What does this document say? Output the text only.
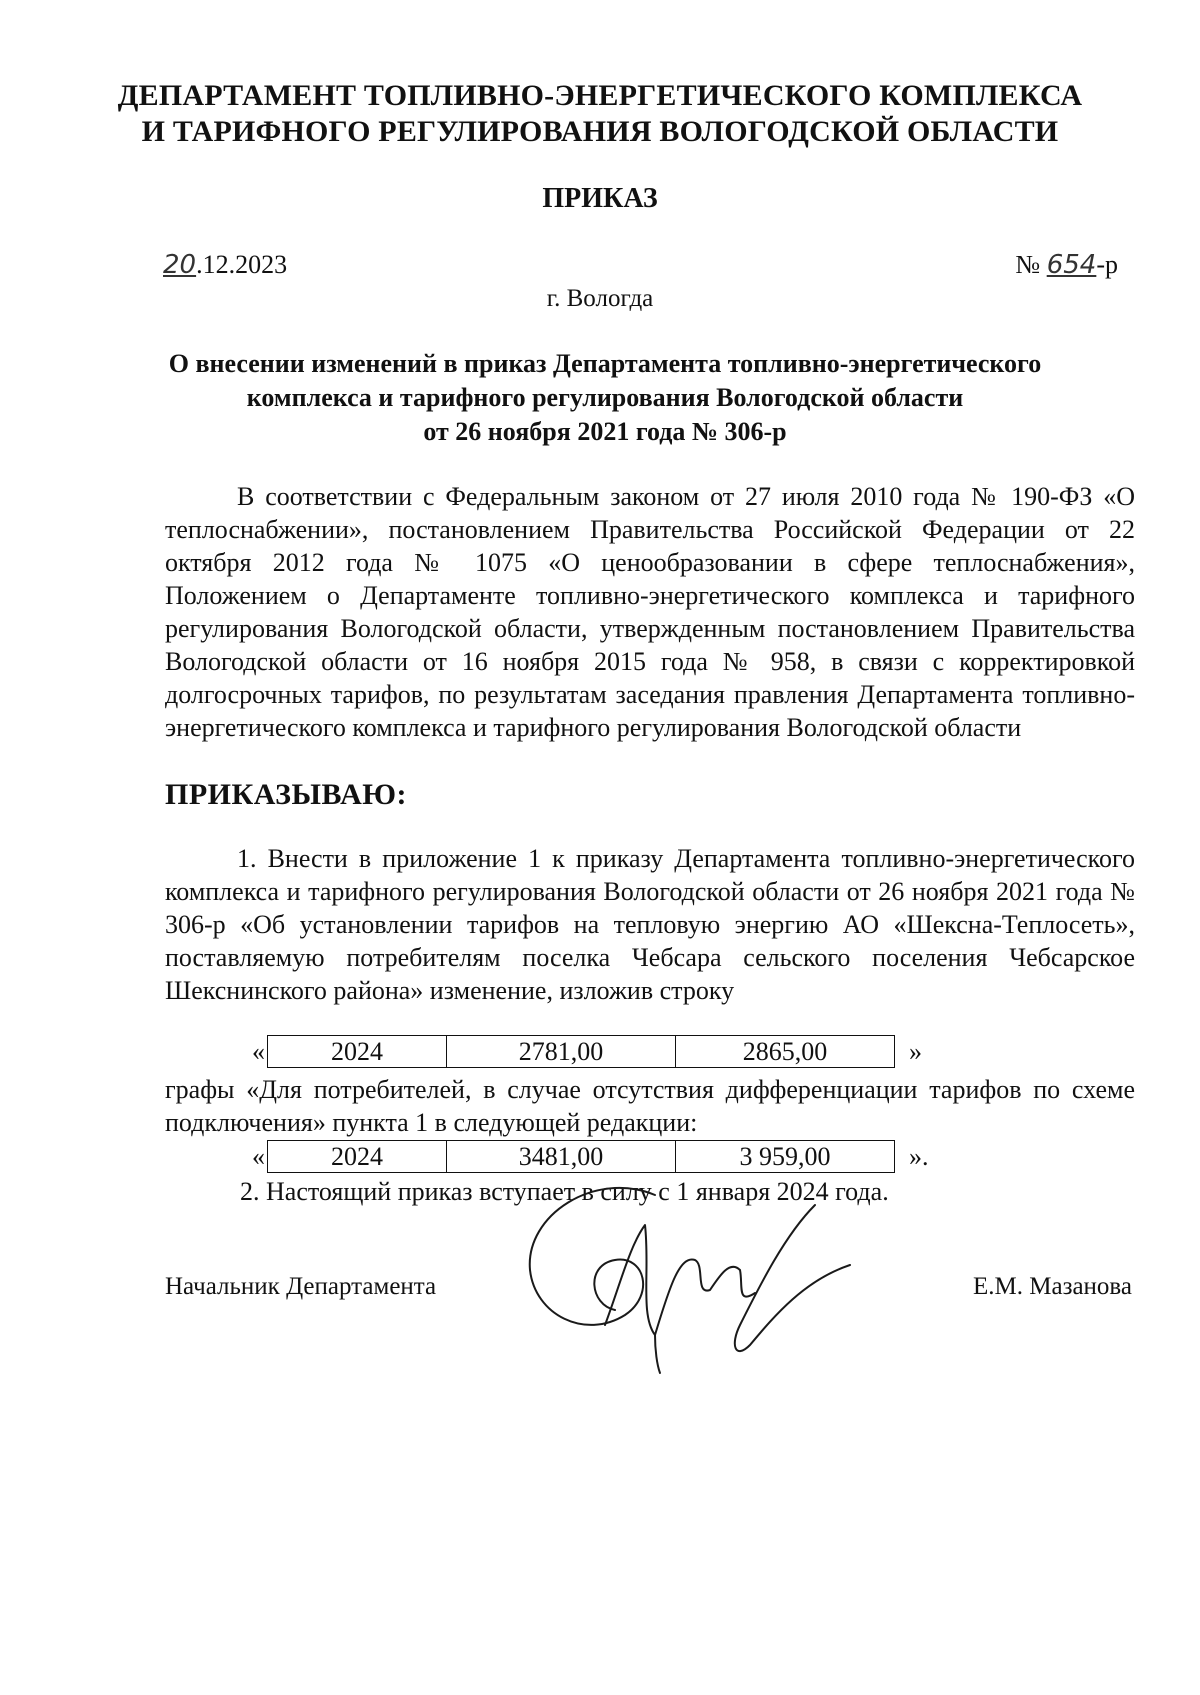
ДЕПАРТАМЕНТ ТОПЛИВНО-ЭНЕРГЕТИЧЕСКОГО КОМПЛЕКСА
И ТАРИФНОГО РЕГУЛИРОВАНИЯ ВОЛОГОДСКОЙ ОБЛАСТИ
ПРИКАЗ
20.12.2023	№ 654-р
г. Вологда
О внесении изменений в приказ Департамента топливно-энергетического
комплекса и тарифного регулирования Вологодской области
от 26 ноября 2021 года № 306-р
В соответствии с Федеральным законом от 27 июля 2010 года № 190-ФЗ «О теплоснабжении», постановлением Правительства Российской Федерации от 22 октября 2012 года № 1075 «О ценообразовании в сфере теплоснабжения», Положением о Департаменте топливно-энергетического комплекса и тарифного регулирования Вологодской области, утвержденным постановлением Правительства Вологодской области от 16 ноября 2015 года № 958, в связи с корректировкой долгосрочных тарифов, по результатам заседания правления Департамента топливно-энергетического комплекса и тарифного регулирования Вологодской области
ПРИКАЗЫВАЮ:
1. Внести в приложение 1 к приказу Департамента топливно-энергетического комплекса и тарифного регулирования Вологодской области от 26 ноября 2021 года № 306-р «Об установлении тарифов на тепловую энергию АО «Шексна-Теплосеть», поставляемую потребителям поселка Чебсара сельского поселения Чебсарское Шекснинского района» изменение, изложив строку
«	2024	2781,00	2865,00	»
графы «Для потребителей, в случае отсутствия дифференциации тарифов по схеме подключения» пункта 1 в следующей редакции:
«	2024	3481,00	3 959,00	».
2. Настоящий приказ вступает в силу с 1 января 2024 года.
Начальник Департамента	Е.М. Мазанова
